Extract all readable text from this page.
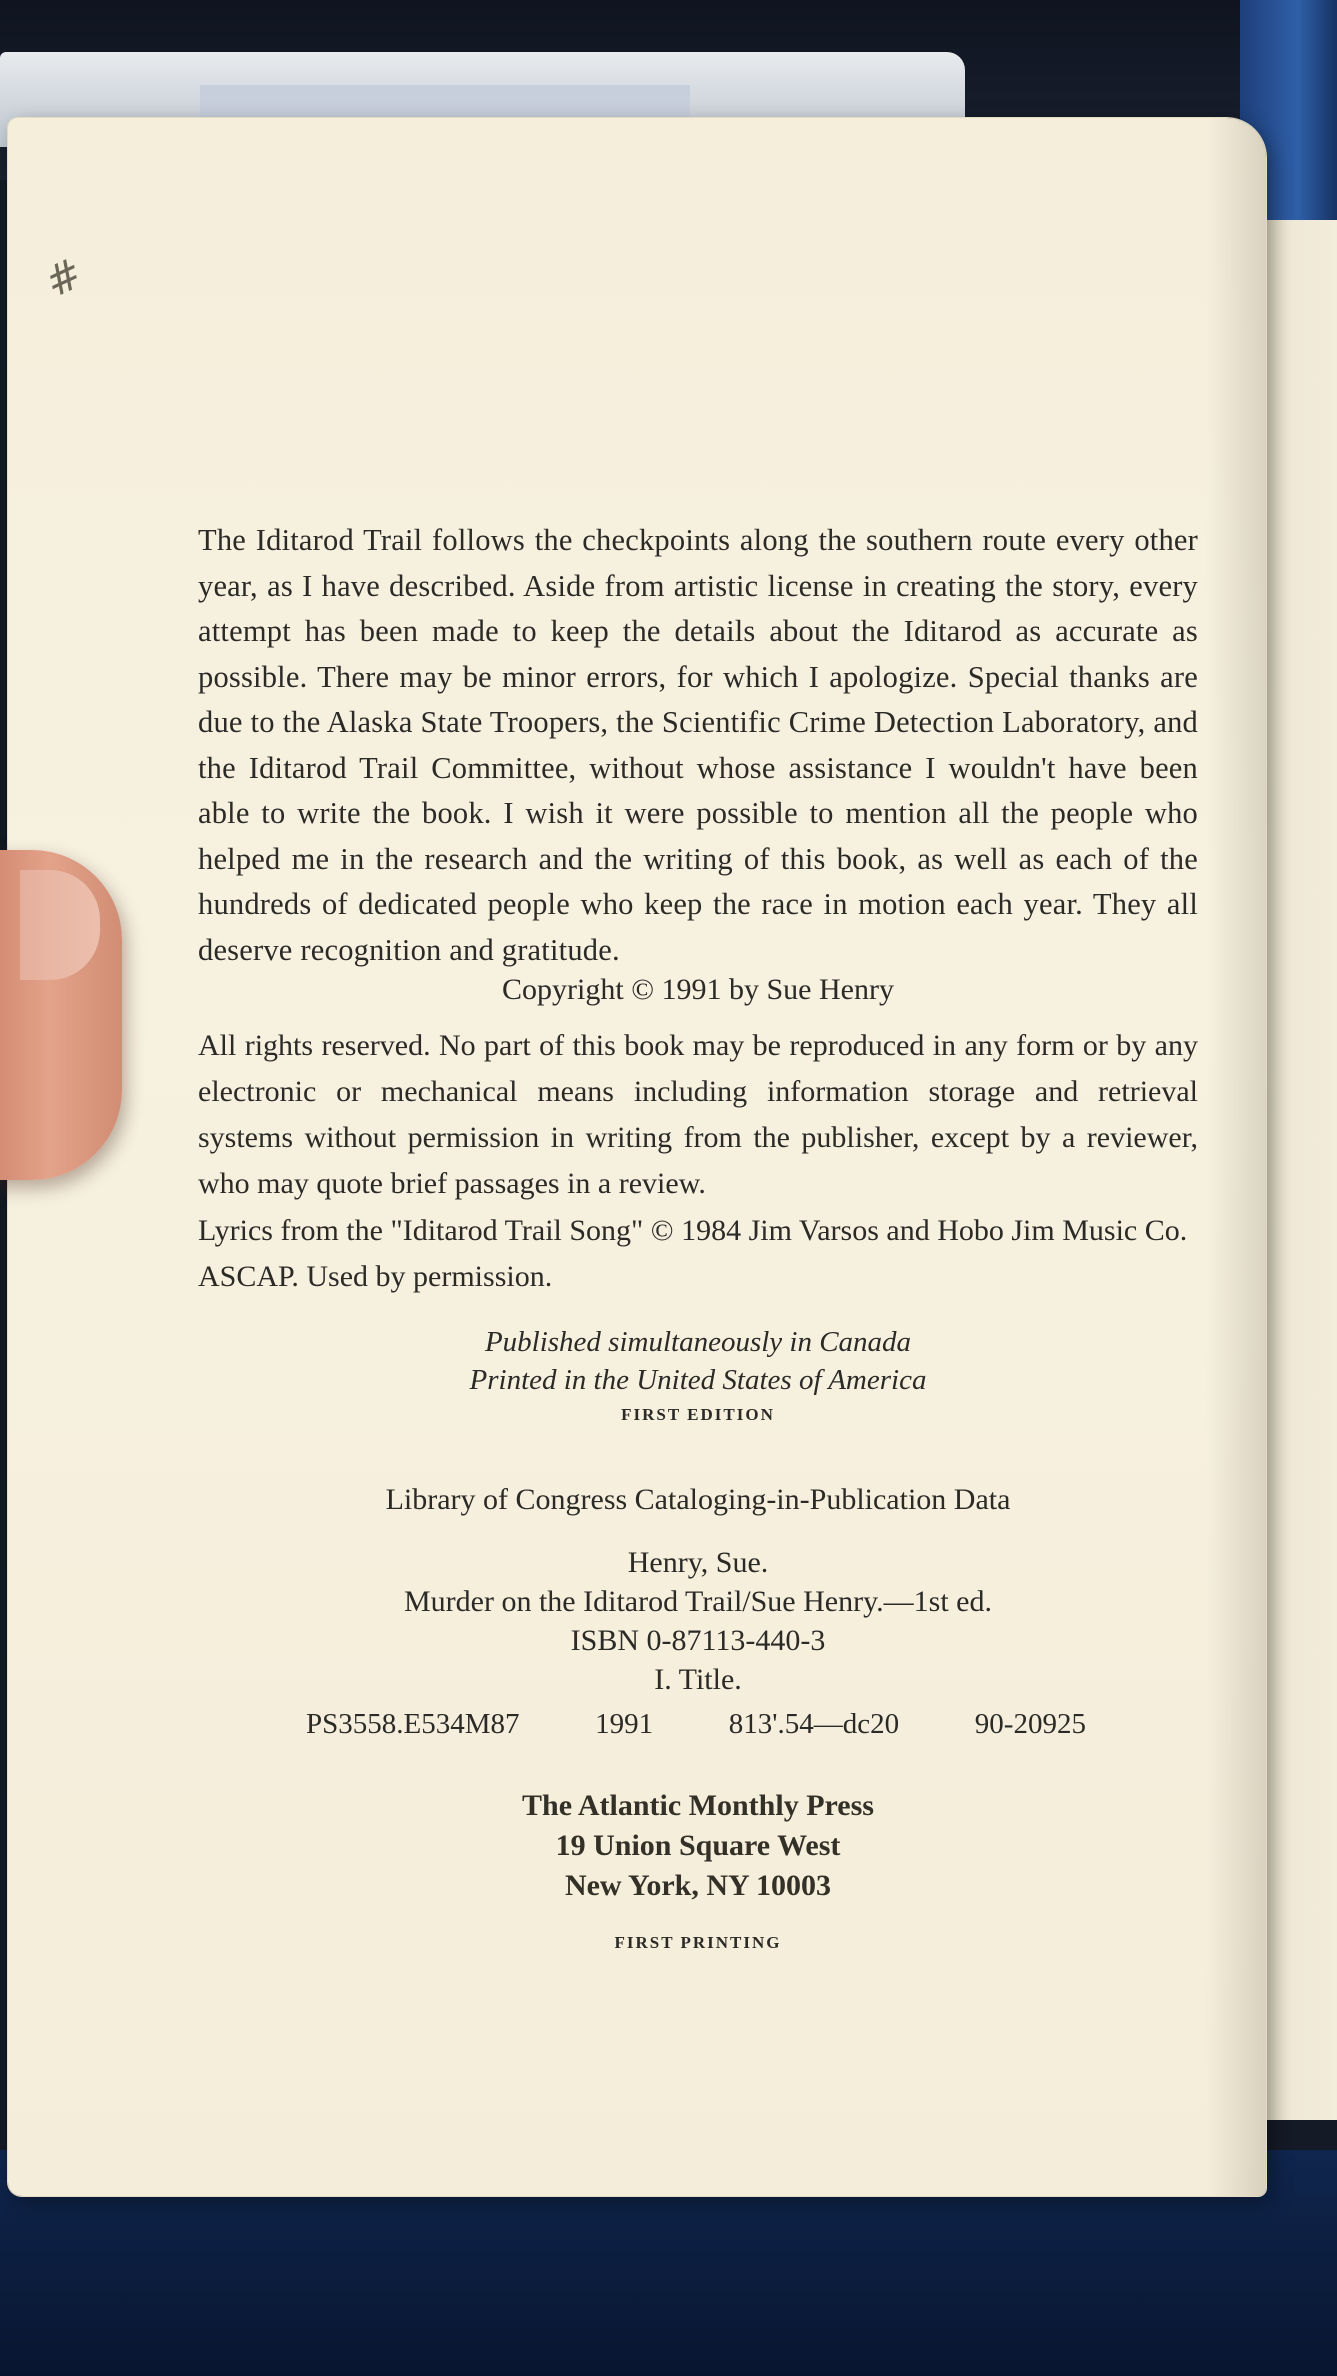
#
The Iditarod Trail follows the checkpoints along the southern route every other year, as I have described. Aside from artistic license in creating the story, every attempt has been made to keep the details about the Iditarod as accurate as possible. There may be minor errors, for which I apologize. Special thanks are due to the Alaska State Troopers, the Scientific Crime Detection Laboratory, and the Iditarod Trail Committee, without whose assistance I wouldn't have been able to write the book. I wish it were possible to mention all the people who helped me in the research and the writing of this book, as well as each of the hundreds of dedicated people who keep the race in motion each year. They all deserve recognition and gratitude.
Copyright © 1991 by Sue Henry
All rights reserved. No part of this book may be reproduced in any form or by any electronic or mechanical means including information storage and retrieval systems without permission in writing from the publisher, except by a reviewer, who may quote brief passages in a review.
Lyrics from the "Iditarod Trail Song" © 1984 Jim Varsos and Hobo Jim Music Co. ASCAP. Used by permission.
Published simultaneously in Canada
Printed in the United States of America
FIRST EDITION
Library of Congress Cataloging-in-Publication Data
Henry, Sue.
Murder on the Iditarod Trail/Sue Henry.—1st ed.
ISBN 0-87113-440-3
I. Title.
PS3558.E534M87	1991	813'.54—dc20	90-20925
The Atlantic Monthly Press
19 Union Square West
New York, NY 10003
FIRST PRINTING
